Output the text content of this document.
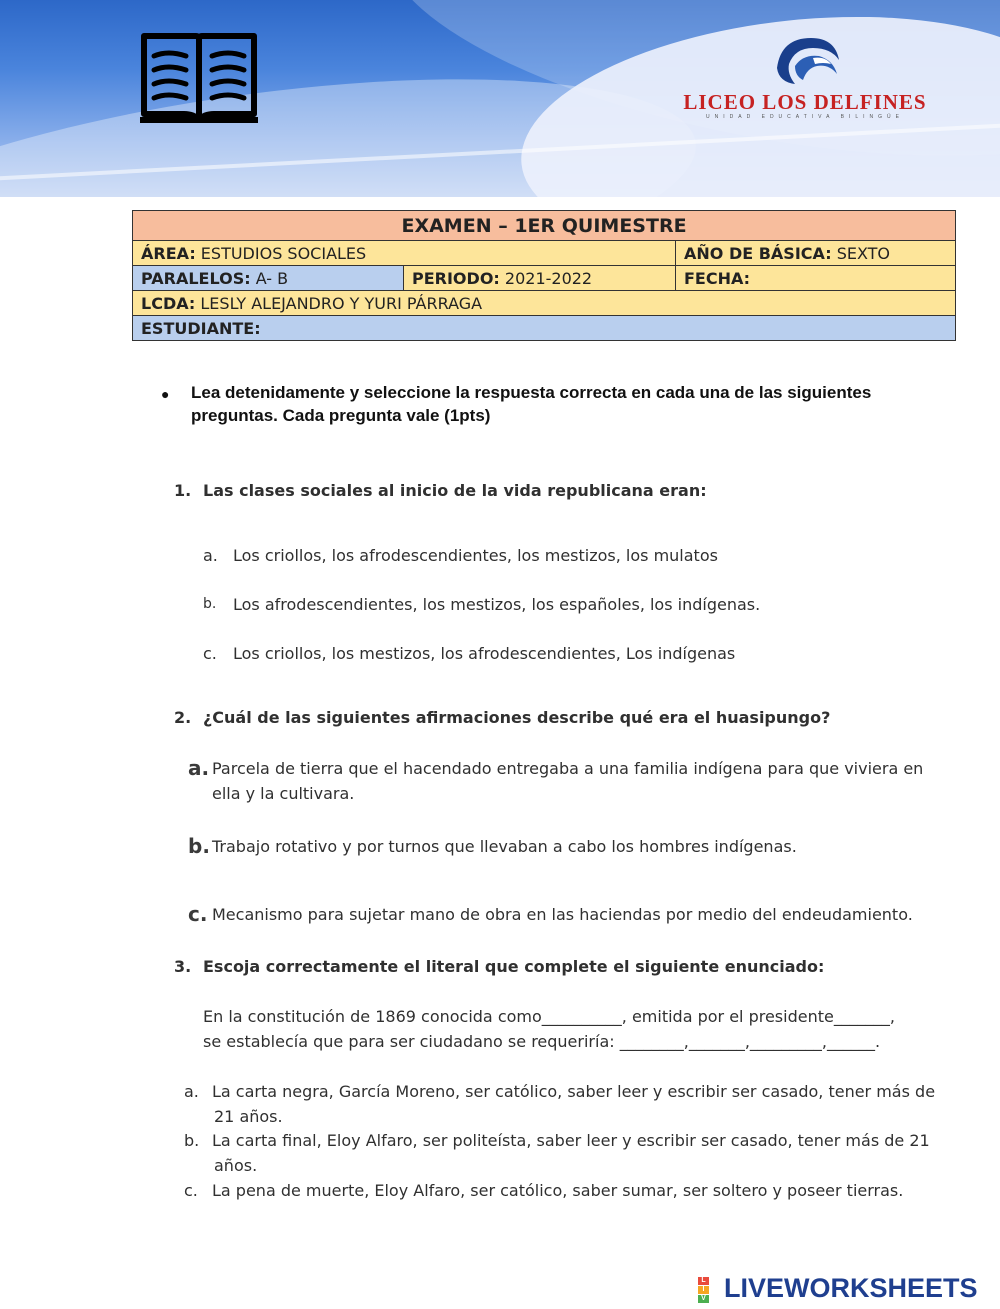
LICEO LOS DELFINES
UNIDAD EDUCATIVA BILINGÜE
EXAMEN – 1ER QUIMESTRE		
ÁREA: ESTUDIOS SOCIALES		AÑO DE BÁSICA: SEXTO
PARALELOS: A- B	PERIODO: 2021-2022	FECHA:
LCDA: LESLY ALEJANDRO Y YURI PÁRRAGA		
ESTUDIANTE:		
● Lea detenidamente y seleccione la respuesta correcta en cada una de las siguientes
preguntas. Cada pregunta vale (1pts)
1. Las clases sociales al inicio de la vida republicana eran:
a. Los criollos, los afrodescendientes, los mestizos, los mulatos
b. Los afrodescendientes, los mestizos, los españoles, los indígenas.
c. Los criollos, los mestizos, los afrodescendientes, Los indígenas
2. ¿Cuál de las siguientes afirmaciones describe qué era el huasipungo?
a. Parcela de tierra que el hacendado entregaba a una familia indígena para que viviera en
ella y la cultivara.
b. Trabajo rotativo y por turnos que llevaban a cabo los hombres indígenas.
c. Mecanismo para sujetar mano de obra en las haciendas por medio del endeudamiento.
3. Escoja correctamente el literal que complete el siguiente enunciado:
En la constitución de 1869 conocida como__________, emitida por el presidente_______,
se establecía que para ser ciudadano se requeriría: ________,_______,_________,______.
a. La carta negra, García Moreno, ser católico, saber leer y escribir ser casado, tener más de
21 años.
b. La carta final, Eloy Alfaro, ser politeísta, saber leer y escribir ser casado, tener más de 21
años.
c. La pena de muerte, Eloy Alfaro, ser católico, saber sumar, ser soltero y poseer tierras.
L
I
V LIVEWORKSHEETS
